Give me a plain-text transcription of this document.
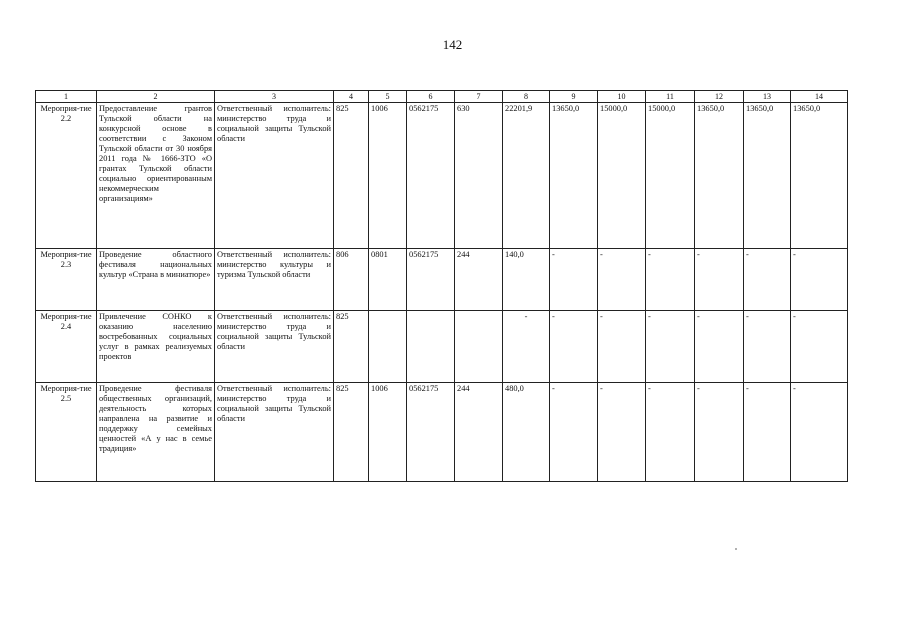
142
1	2	3	4	5	6	7	8	9	10	11	12	13	14
Мероприя-тие 2.2	Предоставление грантов Тульской области на конкурсной основе в соответствии с Законом Тульской области от 30 ноября 2011 года № 1666-ЗТО «О грантах Тульской области социально ориентированным некоммерческим организациям»	Ответственный исполнитель: министерство труда и социальной защиты Тульской области	825	1006	0562175	630	22201,9	13650,0	15000,0	15000,0	13650,0	13650,0	13650,0
Мероприя-тие 2.3	Проведение областного фестиваля национальных культур «Страна в миниатюре»	Ответственный исполнитель: министерство культуры и туризма Тульской области	806	0801	0562175	244	140,0	-	-	-	-	-	-
Мероприя-тие 2.4	Привлечение СОНКО к оказанию населению востребованных социальных услуг в рамках реализуемых проектов	Ответственный исполнитель: министерство труда и социальной защиты Тульской области	825				-	-	-	-	-	-	-
Мероприя-тие 2.5	Проведение фестиваля общественных организаций, деятельность которых направлена на развитие и поддержку семейных ценностей «А у нас в семье традиция»	Ответственный исполнитель: министерство труда и социальной защиты Тульской области	825	1006	0562175	244	480,0	-	-	-	-	-	-
